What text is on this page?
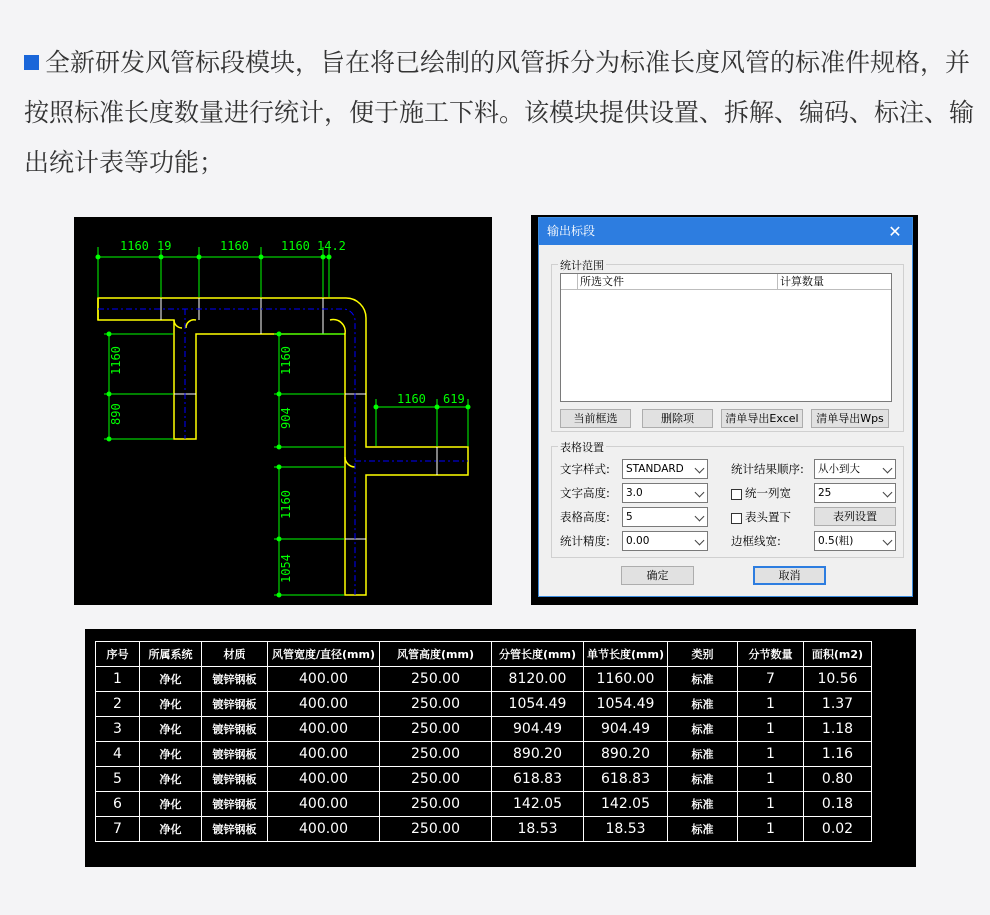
全新研发风管标段模块，旨在将已绘制的风管拆分为标准长度风管的标准件规格，并按照标准长度数量进行统计，便于施工下料。该模块提供设置、拆解、编码、标注、输出统计表等功能；
1160 19	1160	1160 14.2
1160 619
1160
890
1160
904
1160
1054
输出标段	✕
统计范围
所选文件	计算数量
当前框选	删除项	清单导出Excel	清单导出Wps
表格设置
文字样式:	STANDARD
文字高度:	3.0
表格高度:	5
统计精度:	0.00
统计结果顺序:	从小到大
统一列宽	25
表头置下	表列设置
边框线宽:	0.5(粗)
确定	取消
序号	所属系统	材质	风管宽度/直径(mm)	风管高度(mm)	分管长度(mm)	单节长度(mm)	类别	分节数量	面积(m2)
1	净化	镀锌钢板	400.00	250.00	8120.00	1160.00	标准	7	10.56
2	净化	镀锌钢板	400.00	250.00	1054.49	1054.49	标准	1	1.37
3	净化	镀锌钢板	400.00	250.00	904.49	904.49	标准	1	1.18
4	净化	镀锌钢板	400.00	250.00	890.20	890.20	标准	1	1.16
5	净化	镀锌钢板	400.00	250.00	618.83	618.83	标准	1	0.80
6	净化	镀锌钢板	400.00	250.00	142.05	142.05	标准	1	0.18
7	净化	镀锌钢板	400.00	250.00	18.53	18.53	标准	1	0.02
